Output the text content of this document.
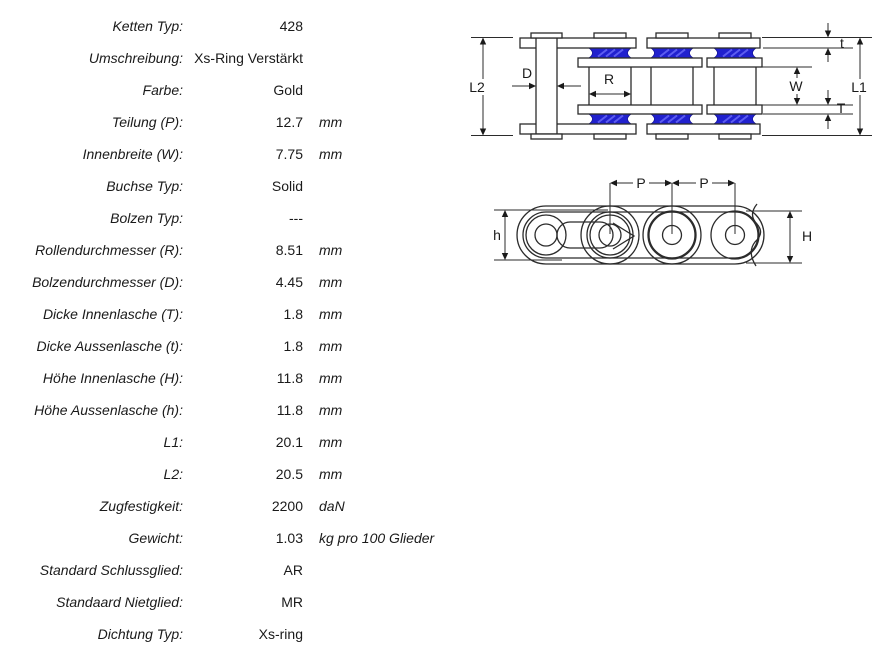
Ketten Typ:	428
Umschreibung: Xs-Ring Verstärkt
Farbe:	Gold
Teilung (P):	12.7	mm
Innenbreite (W):	7.75	mm
Buchse Typ:	Solid
Bolzen Typ:	---
Rollendurchmesser (R):	8.51	mm
Bolzendurchmesser (D):	4.45	mm
Dicke Innenlasche (T):	1.8	mm
Dicke Aussenlasche (t):	1.8	mm
Höhe Innenlasche (H):	11.8	mm
Höhe Aussenlasche (h):	11.8	mm
L1:	20.1	mm
L2:	20.5	mm
Zugfestigkeit:	2200	daN
Gewicht:	1.03	kg pro 100 Glieder
Standard Schlussglied:	AR
Standaard Nietglied:	MR
Dichtung Typ:	Xs-ring
L2
D	R	W
t
T
L1
P	P
h	H
